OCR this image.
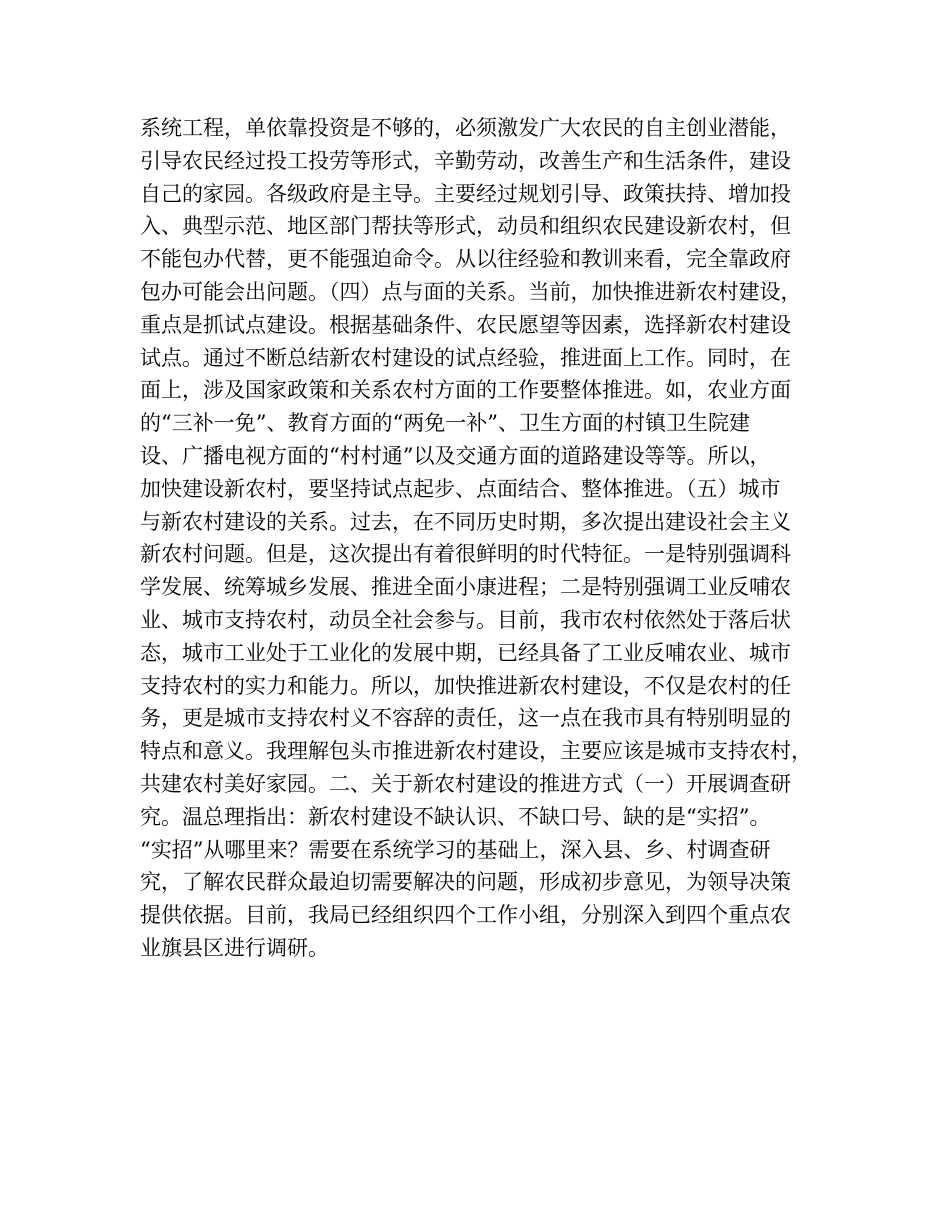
系统工程，单依靠投资是不够的，必须激发广大农民的自主创业潜能，
引导农民经过投工投劳等形式，辛勤劳动，改善生产和生活条件，建设
自己的家园。各级政府是主导。主要经过规划引导、政策扶持、增加投
入、典型示范、地区部门帮扶等形式，动员和组织农民建设新农村，但
不能包办代替，更不能强迫命令。从以往经验和教训来看，完全靠政府
包办可能会出问题。（四）点与面的关系。当前，加快推进新农村建设，
重点是抓试点建设。根据基础条件、农民愿望等因素，选择新农村建设
试点。通过不断总结新农村建设的试点经验，推进面上工作。同时，在
面上，涉及国家政策和关系农村方面的工作要整体推进。如，农业方面
的“三补一免”、教育方面的“两免一补”、卫生方面的村镇卫生院建
设、广播电视方面的“村村通”以及交通方面的道路建设等等。所以，
加快建设新农村，要坚持试点起步、点面结合、整体推进。（五）城市
与新农村建设的关系。过去，在不同历史时期，多次提出建设社会主义
新农村问题。但是，这次提出有着很鲜明的时代特征。一是特别强调科
学发展、统筹城乡发展、推进全面小康进程；二是特别强调工业反哺农
业、城市支持农村，动员全社会参与。目前，我市农村依然处于落后状
态，城市工业处于工业化的发展中期，已经具备了工业反哺农业、城市
支持农村的实力和能力。所以，加快推进新农村建设，不仅是农村的任
务，更是城市支持农村义不容辞的责任，这一点在我市具有特别明显的
特点和意义。我理解包头市推进新农村建设，主要应该是城市支持农村，
共建农村美好家园。二、关于新农村建设的推进方式（一）开展调查研
究。温总理指出：新农村建设不缺认识、不缺口号、缺的是“实招”。
“实招”从哪里来？需要在系统学习的基础上，深入县、乡、村调查研
究，了解农民群众最迫切需要解决的问题，形成初步意见，为领导决策
提供依据。目前，我局已经组织四个工作小组，分别深入到四个重点农
业旗县区进行调研。
